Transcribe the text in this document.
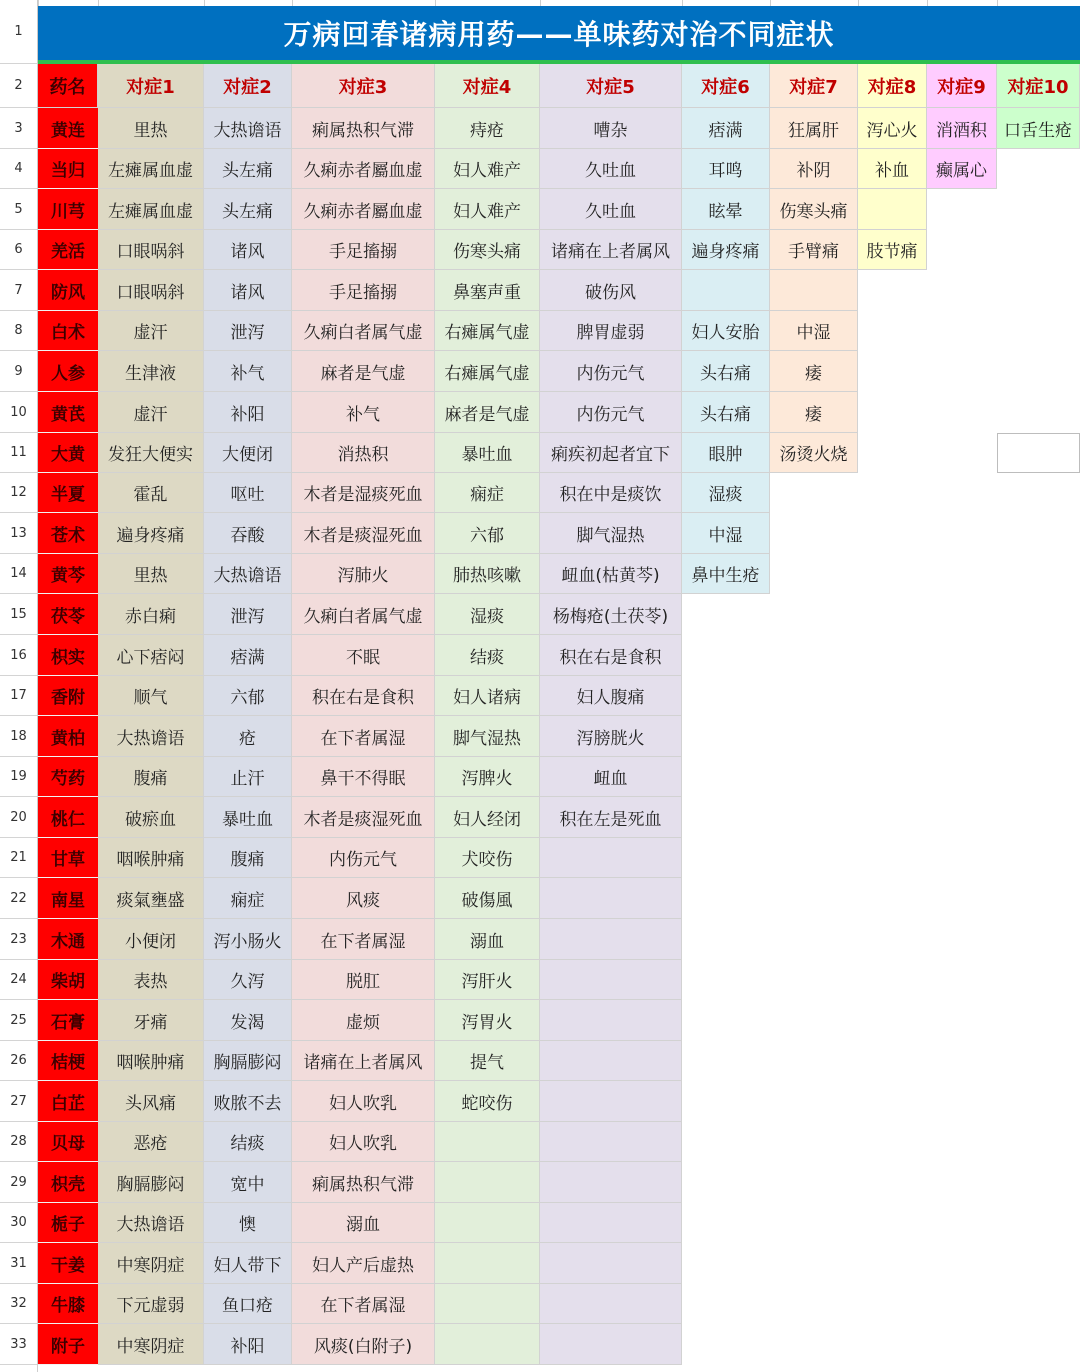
1
2
3
4
5
6
7
8
9
10
11
12
13
14
15
16
17
18
19
20
21
22
23
24
25
26
27
28
29
30
31
32
33
万病回春诸病用药——单味药对治不同症状
药名	对症1	对症2	对症3	对症4	对症5	对症6	对症7	对症8	对症9	对症10
黄连	里热	大热谵语	痢属热积气滞	痔疮	嘈杂	痞满	狂属肝	泻心火	消酒积	口舌生疮
当归	左瘫属血虚	头左痛	久痢赤者屬血虚	妇人难产	久吐血	耳鸣	补阴	补血	癫属心
川芎	左瘫属血虚	头左痛	久痢赤者屬血虚	妇人难产	久吐血	眩晕	伤寒头痛
羌活	口眼㖞斜	诸风	手足搐搦	伤寒头痛	诸痛在上者属风	遍身疼痛	手臂痛	肢节痛
防风	口眼㖞斜	诸风	手足搐搦	鼻塞声重	破伤风
白术	虚汗	泄泻	久痢白者属气虚	右瘫属气虚	脾胃虚弱	妇人安胎	中湿
人参	生津液	补气	麻者是气虚	右瘫属气虚	内伤元气	头右痛	痿
黄芪	虚汗	补阳	补气	麻者是气虚	内伤元气	头右痛	痿
大黄	发狂大便实	大便闭	消热积	暴吐血	痢疾初起者宜下	眼肿	汤烫火烧
半夏	霍乱	呕吐	木者是湿痰死血	痫症	积在中是痰饮	湿痰
苍术	遍身疼痛	吞酸	木者是痰湿死血	六郁	脚气湿热	中湿
黄芩	里热	大热谵语	泻肺火	肺热咳嗽	衄血(枯黄芩)	鼻中生疮
茯苓	赤白痢	泄泻	久痢白者属气虚	湿痰	杨梅疮(土茯苓)
枳实	心下痞闷	痞满	不眠	结痰	积在右是食积
香附	顺气	六郁	积在右是食积	妇人诸病	妇人腹痛
黄柏	大热谵语	疮	在下者属湿	脚气湿热	泻膀胱火
芍药	腹痛	止汗	鼻干不得眠	泻脾火	衄血
桃仁	破瘀血	暴吐血	木者是痰湿死血	妇人经闭	积在左是死血
甘草	咽喉肿痛	腹痛	内伤元气	犬咬伤
南星	痰氣壅盛	痫症	风痰	破傷風
木通	小便闭	泻小肠火	在下者属湿	溺血
柴胡	表热	久泻	脱肛	泻肝火
石膏	牙痛	发渴	虚烦	泻胃火
桔梗	咽喉肿痛	胸膈膨闷	诸痛在上者属风	提气
白芷	头风痛	败脓不去	妇人吹乳	蛇咬伤
贝母	恶疮	结痰	妇人吹乳
枳壳	胸膈膨闷	宽中	痢属热积气滞
栀子	大热谵语	懊	溺血
干姜	中寒阴症	妇人带下	妇人产后虚热
牛膝	下元虚弱	鱼口疮	在下者属湿
附子	中寒阴症	补阳	风痰(白附子)
